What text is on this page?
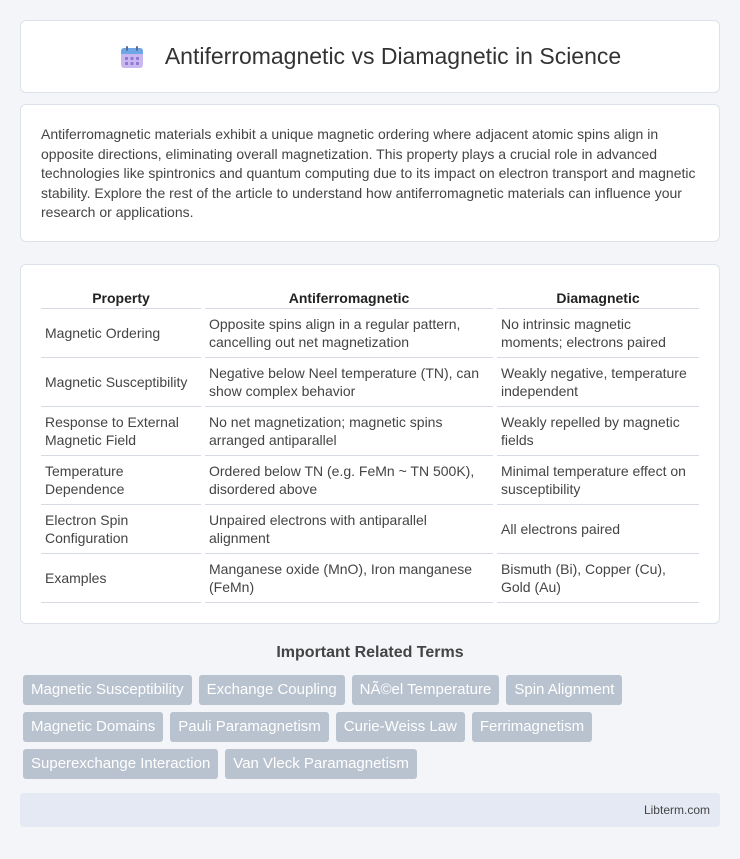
Antiferromagnetic vs Diamagnetic in Science

Antiferromagnetic materials exhibit a unique magnetic ordering where adjacent atomic spins align in opposite directions, eliminating overall magnetization. This property plays a crucial role in advanced technologies like spintronics and quantum computing due to its impact on electron transport and magnetic stability. Explore the rest of the article to understand how antiferromagnetic materials can influence your research or applications.

Property	Antiferromagnetic	Diamagnetic
Magnetic Ordering	Opposite spins align in a regular pattern, cancelling out net magnetization	No intrinsic magnetic moments; electrons paired
Magnetic Susceptibility	Negative below Neel temperature (TN), can show complex behavior	Weakly negative, temperature independent
Response to External Magnetic Field	No net magnetization; magnetic spins arranged antiparallel	Weakly repelled by magnetic fields
Temperature Dependence	Ordered below TN (e.g. FeMn ~ TN 500K), disordered above	Minimal temperature effect on susceptibility
Electron Spin Configuration	Unpaired electrons with antiparallel alignment	All electrons paired
Examples	Manganese oxide (MnO), Iron manganese (FeMn)	Bismuth (Bi), Copper (Cu), Gold (Au)
Important Related Terms
Magnetic Susceptibility	Exchange Coupling	NÃ©el Temperature	Spin Alignment
Magnetic Domains	Pauli Paramagnetism	Curie-Weiss Law	Ferrimagnetism
Superexchange Interaction	Van Vleck Paramagnetism
Libterm.com
